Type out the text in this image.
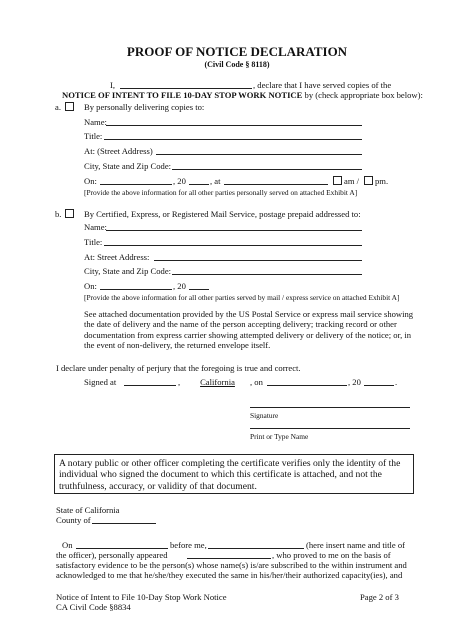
PROOF OF NOTICE DECLARATION
(Civil Code § 8118)
I,	, declare that I have served copies of the
NOTICE OF INTENT TO FILE 10-DAY STOP WORK NOTICE by (check appropriate box below):
a.	By personally delivering copies to:
Name:
Title:
At: (Street Address)
City, State and Zip Code:
On:	, 20	, at	am / pm.
[Provide the above information for all other parties personally served on attached Exhibit A]
b.	By Certified, Express, or Registered Mail Service, postage prepaid addressed to:
Name:
Title:
At: Street Address:
City, State and Zip Code:
On:	, 20
[Provide the above information for all other parties served by mail / express service on attached Exhibit A]
See attached documentation provided by the US Postal Service or express mail service showing the date of delivery and the name of the person accepting delivery; tracking record or other documentation from express carrier showing attempted delivery or delivery of the notice; or, in the event of non-delivery, the returned envelope itself.
I declare under penalty of perjury that the foregoing is true and correct.
Signed at	,	California	, on	, 20	.
Signature
Print or Type Name
A notary public or other officer completing the certificate verifies only the identity of the individual who signed the document to which this certificate is attached, and not the truthfulness, accuracy, or validity of that document.
State of California
County of
On	before me,	(here insert name and title of
the officer), personally appeared	, who proved to me on the basis of
satisfactory evidence to be the person(s) whose name(s) is/are subscribed to the within instrument and
acknowledged to me that he/she/they executed the same in his/her/their authorized capacity(ies), and
Notice of Intent to File 10-Day Stop Work Notice
CA Civil Code §8834
Page 2 of 3
